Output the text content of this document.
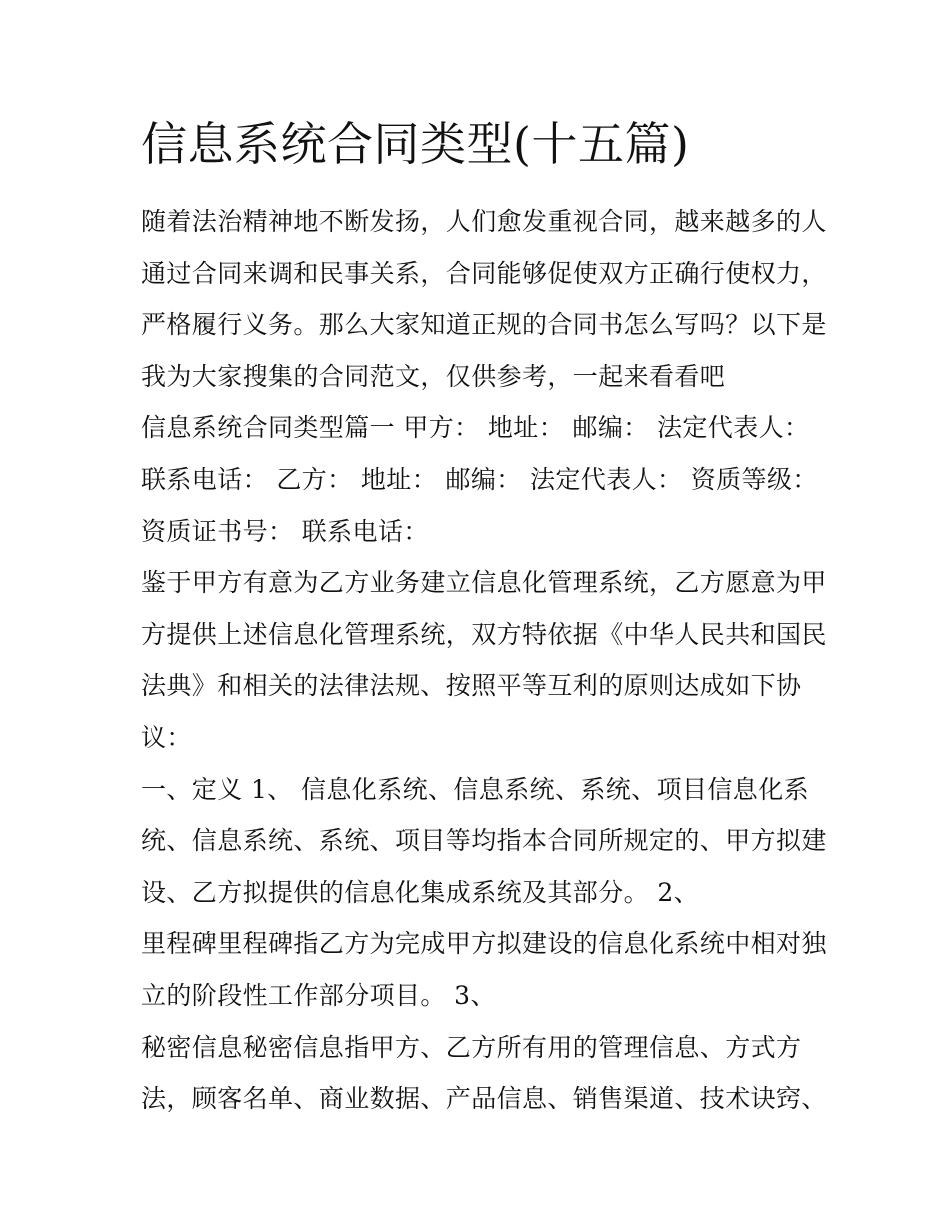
信息系统合同类型(十五篇)
随着法治精神地不断发扬，人们愈发重视合同，越来越多的人
通过合同来调和民事关系，合同能够促使双方正确行使权力，
严格履行义务。那么大家知道正规的合同书怎么写吗？以下是
我为大家搜集的合同范文，仅供参考，一起来看看吧
信息系统合同类型篇一 甲方： 地址： 邮编： 法定代表人：
联系电话： 乙方： 地址： 邮编： 法定代表人： 资质等级：
资质证书号： 联系电话：
鉴于甲方有意为乙方业务建立信息化管理系统，乙方愿意为甲
方提供上述信息化管理系统，双方特依据《中华人民共和国民
法典》和相关的法律法规、按照平等互利的原则达成如下协
议：
一、定义 1、 信息化系统、信息系统、系统、项目信息化系
统、信息系统、系统、项目等均指本合同所规定的、甲方拟建
设、乙方拟提供的信息化集成系统及其部分。 2、
里程碑里程碑指乙方为完成甲方拟建设的信息化系统中相对独
立的阶段性工作部分项目。 3、
秘密信息秘密信息指甲方、乙方所有用的管理信息、方式方
法，顾客名单、商业数据、产品信息、销售渠道、技术诀窍、
